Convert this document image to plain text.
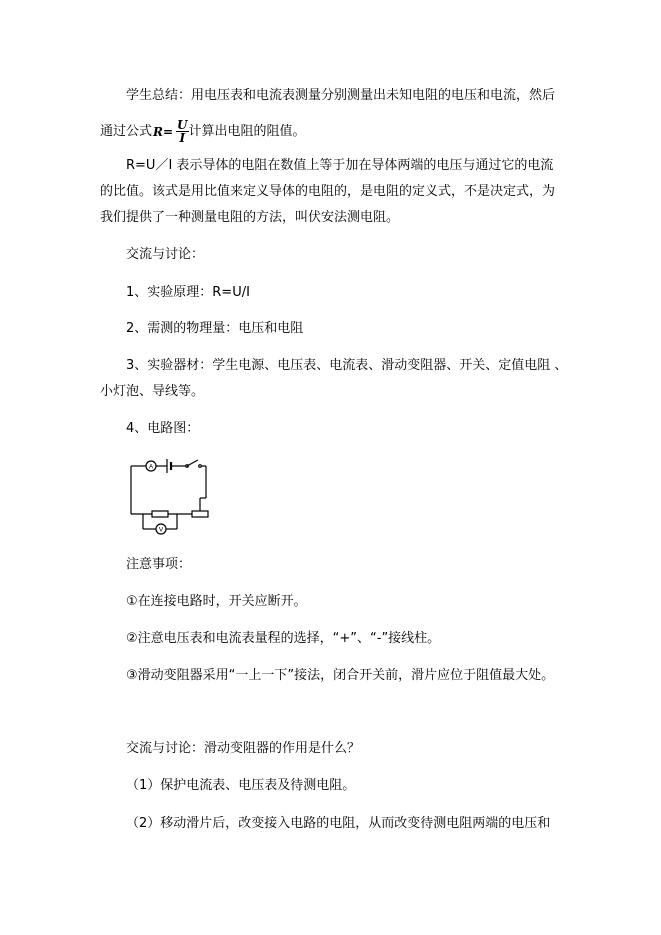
学生总结：用电压表和电流表测量分别测量出未知电阻的电压和电流，然后
通过公式$R= \frac{U}{I}$ 计算出电阻的阻值。
R=U／I 表示导体的电阻在数值上等于加在导体两端的电压与通过它的电流
的比值。该式是用比值来定义导体的电阻的，是电阻的定义式，不是决定式，为
我们提供了一种测量电阻的方法，叫伏安法测电阻。
交流与讨论：
1、实验原理：R=U/I
2、需测的物理量：电压和电阻
3、实验器材：学生电源、电压表、电流表、滑动变阻器、开关、定值电阻 、
小灯泡、导线等。
4、电路图：
A
V
注意事项：
①在连接电路时，开关应断开。
②注意电压表和电流表量程的选择，“+”、“-”接线柱。
③滑动变阻器采用“一上一下”接法，闭合开关前，滑片应位于阻值最大处。
交流与讨论：滑动变阻器的作用是什么？
（1）保护电流表、电压表及待测电阻。
（2）移动滑片后，改变接入电路的电阻，从而改变待测电阻两端的电压和
